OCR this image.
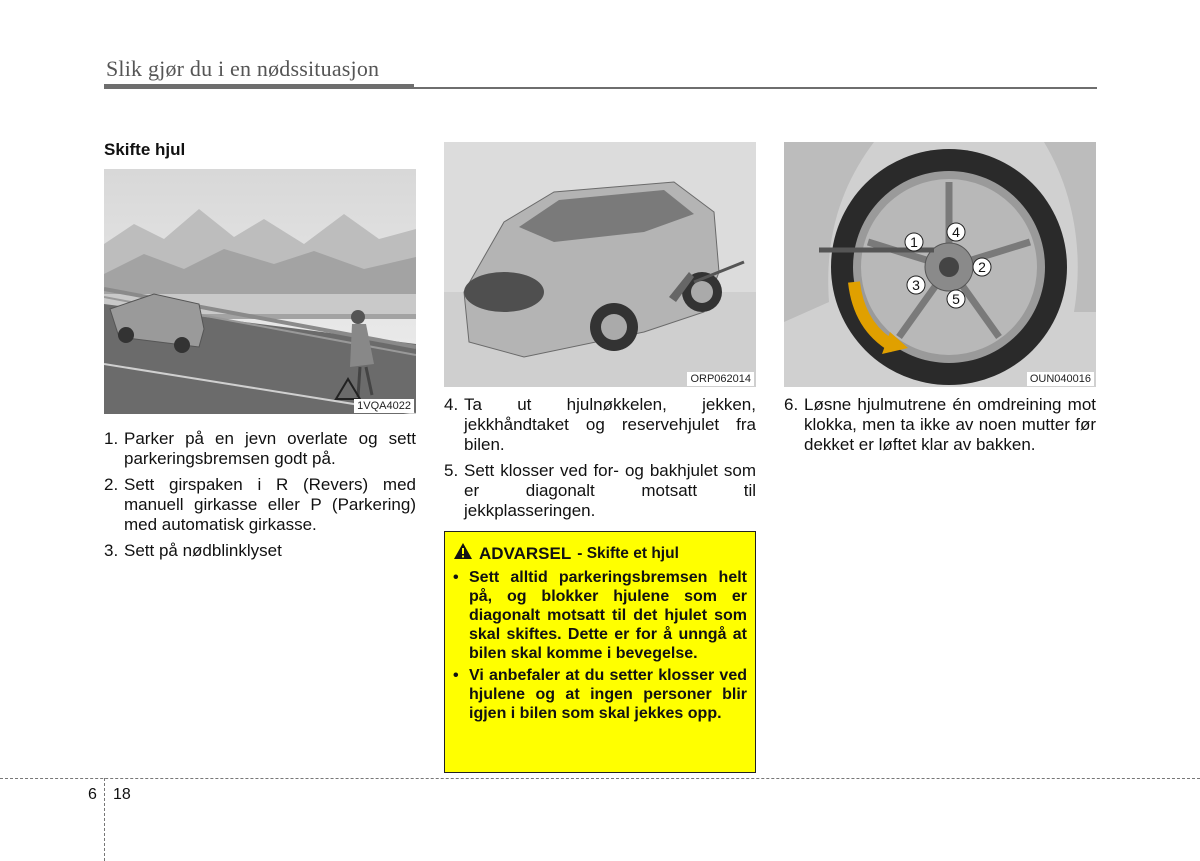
Slik gjør du i en nødssituasjon
Skifte hjul
1VQA4022
ORP062014
1
4
2
3
5
OUN040016
1. Parker på en jevn overlate og sett parkeringsbremsen godt på.
2. Sett girspaken i R (Revers) med manuell girkasse eller P (Parkering) med automatisk girkasse.
3. Sett på nødblinklyset
4. Ta ut hjulnøkkelen, jekken, jekkhåndtaket og reservehjulet fra bilen.
5. Sett klosser ved for- og bakhjulet som er diagonalt motsatt til jekkplasseringen.
6. Løsne hjulmutrene én omdreining mot klokka, men ta ikke av noen mutter før dekket er løftet klar av bakken.
ADVARSEL - Skifte et hjul
• Sett alltid parkeringsbremsen helt på, og blokker hjulene som er diagonalt motsatt til det hjulet som skal skiftes. Dette er for å unngå at bilen skal komme i bevegelse.
• Vi anbefaler at du setter klosser ved hjulene og at ingen personer blir igjen i bilen som skal jekkes opp.
6 18
